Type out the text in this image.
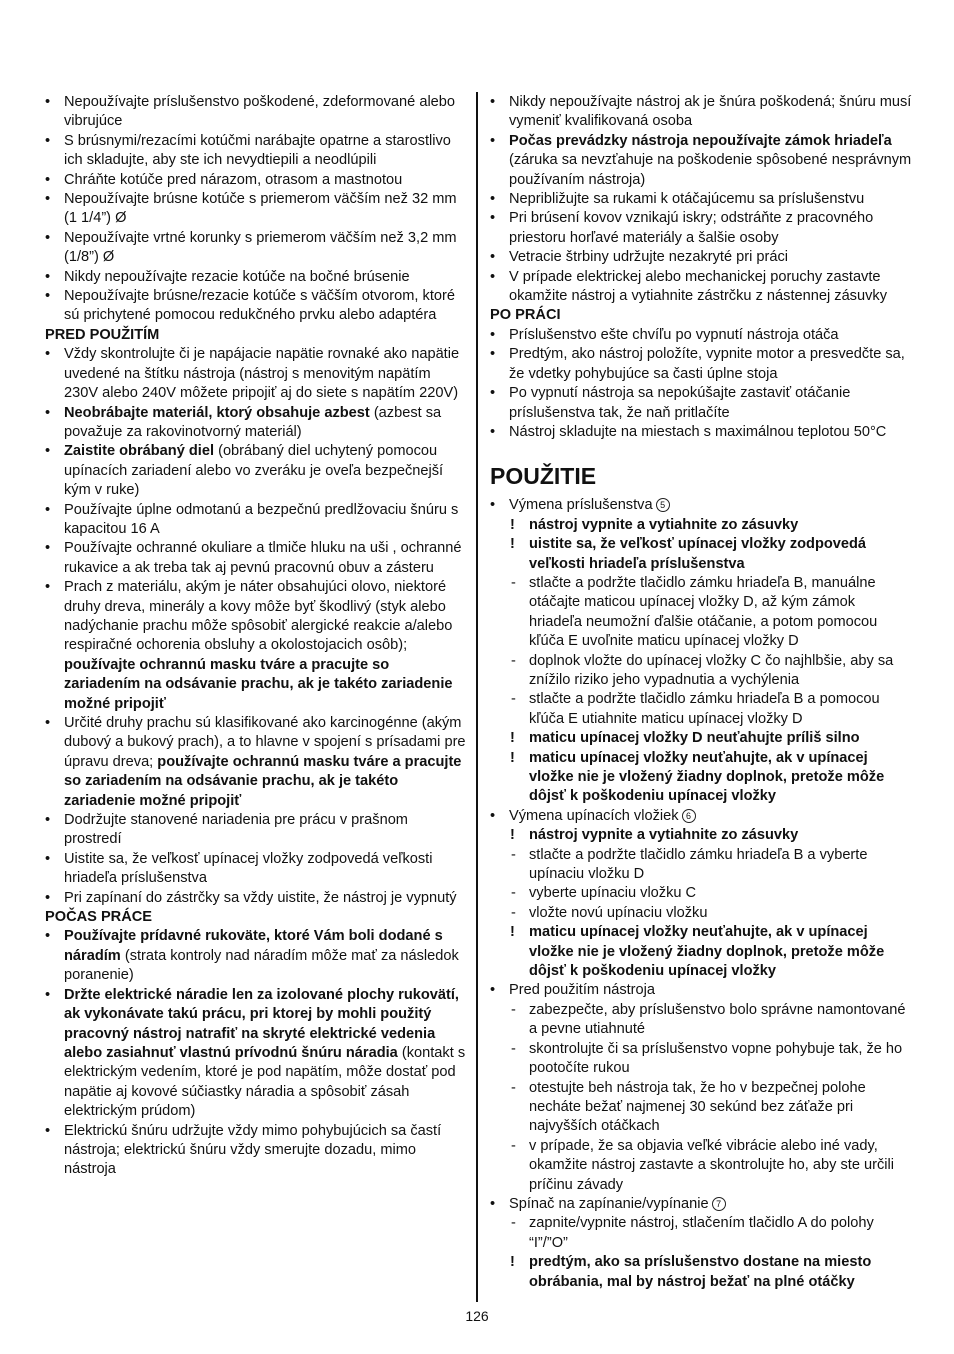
• Nepoužívajte príslušenstvo poškodené, zdeformované alebo vibrujúce
• S brúsnymi/rezacími kotúčmi narábajte opatrne a starostlivo ich skladujte, aby ste ich nevydtiepili a neodlúpili
• Chráňte kotúče pred nárazom, otrasom a mastnotou
• Nepoužívajte brúsne kotúče s priemerom väčším než 32 mm (1 1/4”) Ø
• Nepoužívajte vrtné korunky s priemerom väčším než 3,2 mm (1/8”) Ø
• Nikdy nepoužívajte rezacie kotúče na bočné brúsenie
• Nepoužívajte brúsne/rezacie kotúče s väčším otvorom, ktoré sú prichytené pomocou redukčného prvku alebo adaptéra
PRED POUŽITÍM
• Vždy skontrolujte či je napájacie napätie rovnaké ako napätie uvedené na štítku nástroja (nástroj s menovitým napätím 230V alebo 240V môžete pripojiť aj do siete s napätím 220V)
• Neobrábajte materiál, ktorý obsahuje azbest (azbest sa považuje za rakovinotvorný materiál)
• Zaistite obrábaný diel (obrábaný diel uchytený pomocou upínacích zariadení alebo vo zveráku je oveľa bezpečnejší kým v ruke)
• Používajte úplne odmotanú a bezpečnú predlžovaciu šnúru s kapacitou 16 A
• Používajte ochranné okuliare a tlmiče hluku na uši , ochranné rukavice a ak treba tak aj pevnú pracovnú obuv a zásteru
• Prach z materiálu, akým je náter obsahujúci olovo, niektoré druhy dreva, minerály a kovy môže byť škodlivý (styk alebo nadýchanie prachu môže spôsobiť alergické reakcie a/alebo respiračné ochorenia obsluhy a okolostojacich osôb); používajte ochrannú masku tváre a pracujte so zariadením na odsávanie prachu, ak je takéto zariadenie možné pripojiť
• Určité druhy prachu sú klasifikované ako karcinogénne (akým dubový a bukový prach), a to hlavne v spojení s prísadami pre úpravu dreva; používajte ochrannú masku tváre a pracujte so zariadením na odsávanie prachu, ak je takéto zariadenie možné pripojiť
• Dodržujte stanovené nariadenia pre prácu v prašnom prostredí
• Uistite sa, že veľkosť upínacej vložky zodpovedá veľkosti hriadeľa príslušenstva
• Pri zapínaní do zástrčky sa vždy uistite, že nástroj je vypnutý
POČAS PRÁCE
• Používajte prídavné rukoväte, ktoré Vám boli dodané s náradím (strata kontroly nad náradím môže mať za následok poranenie)
• Držte elektrické náradie len za izolované plochy rukovätí, ak vykonávate takú prácu, pri ktorej by mohli použitý pracovný nástroj natrafiť na skryté elektrické vedenia alebo zasiahnuť vlastnú prívodnú šnúru náradia (kontakt s elektrickým vedením, ktoré je pod napätím, môže dostať pod napätie aj kovové súčiastky náradia a spôsobiť zásah elektrickým prúdom)
• Elektrickú šnúru udržujte vždy mimo pohybujúcich sa častí nástroja; elektrickú šnúru vždy smerujte dozadu, mimo nástroja
• Nikdy nepoužívajte nástroj ak je šnúra poškodená; šnúru musí vymeniť kvalifikovaná osoba
• Počas prevádzky nástroja nepoužívajte zámok hriadeľa (záruka sa nevzťahuje na poškodenie spôsobené nesprávnym používaním nástroja)
• Nepribližujte sa rukami k otáčajúcemu sa príslušenstvu
• Pri brúsení kovov vznikajú iskry; odstráňte z pracovného priestoru horľavé materiály a šalšie osoby
• Vetracie štrbiny udržujte nezakryté pri práci
• V prípade elektrickej alebo mechanickej poruchy zastavte okamžite nástroj a vytiahnite zástrčku z nástennej zásuvky
PO PRÁCI
• Príslušenstvo ešte chvíľu po vypnutí nástroja otáča
• Predtým, ako nástroj položíte, vypnite motor a presvedčte sa, že vdetky pohybujúce sa časti úplne stoja
• Po vypnutí nástroja sa nepokúšajte zastaviť otáčanie príslušenstva tak, že naň pritlačíte
• Nástroj skladujte na miestach s maximálnou teplotou 50°C
POUŽITIE
• Výmena príslušenstva 5
! nástroj vypnite a vytiahnite zo zásuvky
! uistite sa, že veľkosť upínacej vložky zodpovedá veľkosti hriadeľa príslušenstva
- stlačte a podržte tlačidlo zámku hriadeľa B, manuálne otáčajte maticou upínacej vložky D, až kým zámok hriadeľa neumožní ďalšie otáčanie, a potom pomocou kľúča E uvoľnite maticu upínacej vložky D
- doplnok vložte do upínacej vložky C čo najhlbšie, aby sa znížilo riziko jeho vypadnutia a vychýlenia
- stlačte a podržte tlačidlo zámku hriadeľa B a pomocou kľúča E utiahnite maticu upínacej vložky D
! maticu upínacej vložky D neuťahujte príliš silno
! maticu upínacej vložky neuťahujte, ak v upínacej vložke nie je vložený žiadny doplnok, pretože môže dôjsť k poškodeniu upínacej vložky
• Výmena upínacích vložiek 6
! nástroj vypnite a vytiahnite zo zásuvky
- stlačte a podržte tlačidlo zámku hriadeľa B a vyberte upínaciu vložku D
- vyberte upínaciu vložku C
- vložte novú upínaciu vložku
! maticu upínacej vložky neuťahujte, ak v upínacej vložke nie je vložený žiadny doplnok, pretože môže dôjsť k poškodeniu upínacej vložky
• Pred použitím nástroja
- zabezpečte, aby príslušenstvo bolo správne namontované a pevne utiahnuté
- skontrolujte či sa príslušenstvo vopne pohybuje tak, že ho pootočíte rukou
- otestujte beh nástroja tak, že ho v bezpečnej polohe necháte bežať najmenej 30 sekúnd bez záťaže pri najvyšších otáčkach
- v prípade, že sa objavia veľké vibrácie alebo iné vady, okamžite nástroj zastavte a skontrolujte ho, aby ste určili príčinu závady
• Spínač na zapínanie/vypínanie 7
- zapnite/vypnite nástroj, stlačením tlačidlo A do polohy “I”/”O”
! predtým, ako sa príslušenstvo dostane na miesto obrábania, mal by nástroj bežať na plné otáčky
126
